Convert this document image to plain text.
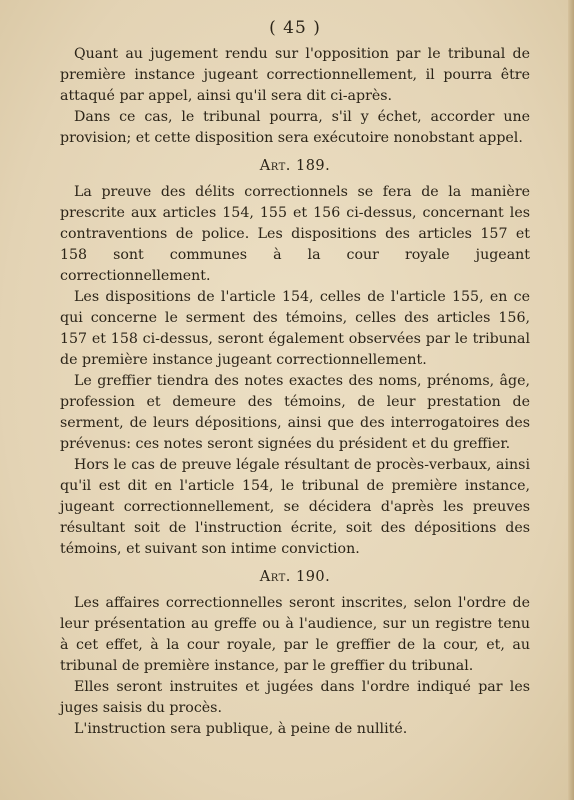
( 45 )

Quant au jugement rendu sur l'opposition par le tribunal de première instance jugeant correctionnellement, il pourra être attaqué par appel, ainsi qu'il sera dit ci-après.

Dans ce cas, le tribunal pourra, s'il y échet, accorder une provision; et cette disposition sera exécutoire nonobstant appel.

Art. 189.

La preuve des délits correctionnels se fera de la manière prescrite aux articles 154, 155 et 156 ci-dessus, concernant les contraventions de police. Les dispositions des articles 157 et 158 sont communes à la cour royale jugeant correctionnellement.

Les dispositions de l'article 154, celles de l'article 155, en ce qui concerne le serment des témoins, celles des articles 156, 157 et 158 ci-dessus, seront également observées par le tribunal de première instance jugeant correctionnellement.

Le greffier tiendra des notes exactes des noms, prénoms, âge, profession et demeure des témoins, de leur prestation de serment, de leurs dépositions, ainsi que des interrogatoires des prévenus: ces notes seront signées du président et du greffier.

Hors le cas de preuve légale résultant de procès-verbaux, ainsi qu'il est dit en l'article 154, le tribunal de première instance, jugeant correctionnellement, se décidera d'après les preuves résultant soit de l'instruction écrite, soit des dépositions des témoins, et suivant son intime conviction.

Art. 190.

Les affaires correctionnelles seront inscrites, selon l'ordre de leur présentation au greffe ou à l'audience, sur un registre tenu à cet effet, à la cour royale, par le greffier de la cour, et, au tribunal de première instance, par le greffier du tribunal.

Elles seront instruites et jugées dans l'ordre indiqué par les juges saisis du procès.

L'instruction sera publique, à peine de nullité.
